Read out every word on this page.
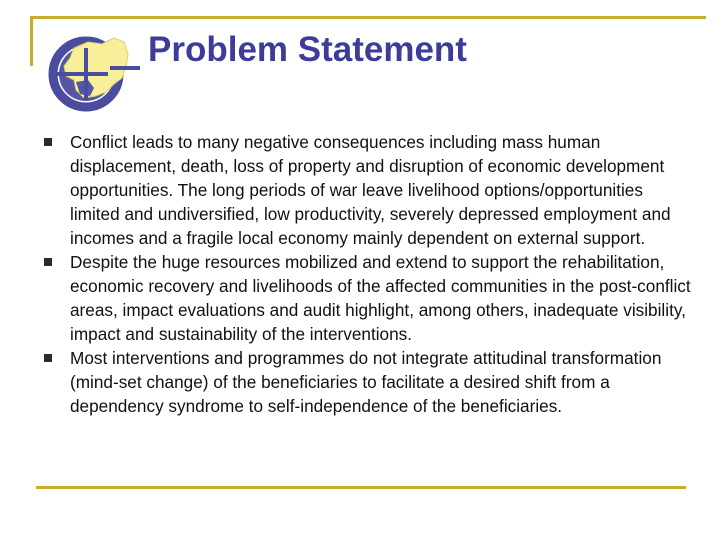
Problem Statement
Conflict leads to many negative consequences including mass human displacement, death, loss of property and disruption of economic development opportunities. The long periods of war leave livelihood options/opportunities limited and undiversified, low productivity, severely depressed employment and incomes and a fragile local economy mainly dependent on external support.
Despite the huge resources mobilized and extend to support the rehabilitation, economic recovery and livelihoods of the affected communities in the post-conflict areas, impact evaluations and audit highlight, among others, inadequate visibility, impact and sustainability of the interventions.
Most interventions and programmes do not integrate attitudinal transformation (mind-set change) of the beneficiaries to facilitate a desired shift from a dependency syndrome to self-independence of the beneficiaries.
